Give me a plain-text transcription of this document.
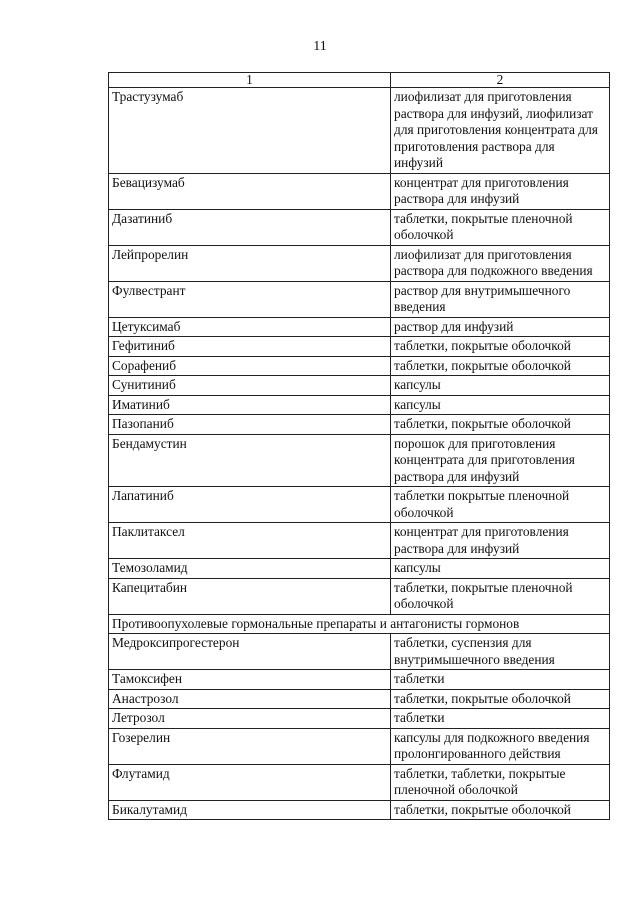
11
1	2
Трастузумаб	лиофилизат для приготовления раствора для инфузий, лиофилизат для приготовления концентрата для приготовления раствора для инфузий
Бевацизумаб	концентрат для приготовления раствора для инфузий
Дазатиниб	таблетки, покрытые пленочной оболочкой
Лейпрорелин	лиофилизат для приготовления раствора для подкожного введения
Фулвестрант	раствор для внутримышечного введения
Цетуксимаб	раствор для инфузий
Гефитиниб	таблетки, покрытые оболочкой
Сорафениб	таблетки, покрытые оболочкой
Сунитиниб	капсулы
Иматиниб	капсулы
Пазопаниб	таблетки, покрытые оболочкой
Бендамустин	порошок для приготовления концентрата для приготовления раствора для инфузий
Лапатиниб	таблетки покрытые пленочной оболочкой
Паклитаксел	концентрат для приготовления раствора для инфузий
Темозоламид	капсулы
Капецитабин	таблетки, покрытые пленочной оболочкой
Противоопухолевые гормональные препараты и антагонисты гормонов	
Медроксипрогестерон	таблетки, суспензия для внутримышечного введения
Тамоксифен	таблетки
Анастрозол	таблетки, покрытые оболочкой
Летрозол	таблетки
Гозерелин	капсулы для подкожного введения пролонгированного действия
Флутамид	таблетки, таблетки, покрытые пленочной оболочкой
Бикалутамид	таблетки, покрытые оболочкой
